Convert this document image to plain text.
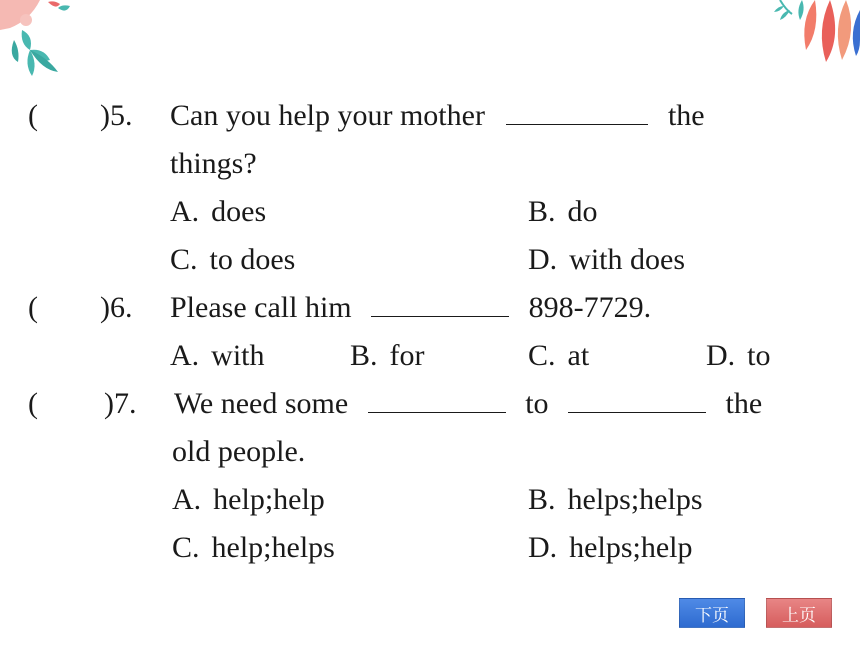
( )5. Can you help your mother	the
things?
A. does	B. do
C. to does	D. with does
( )6. Please call him	898-7729.
A. with	B. for	C. at	D. to
( )7. We need some	to	the
old people.
A. help;help	B. helps;helps
C. help;helps	D. helps;help
下页	上页
